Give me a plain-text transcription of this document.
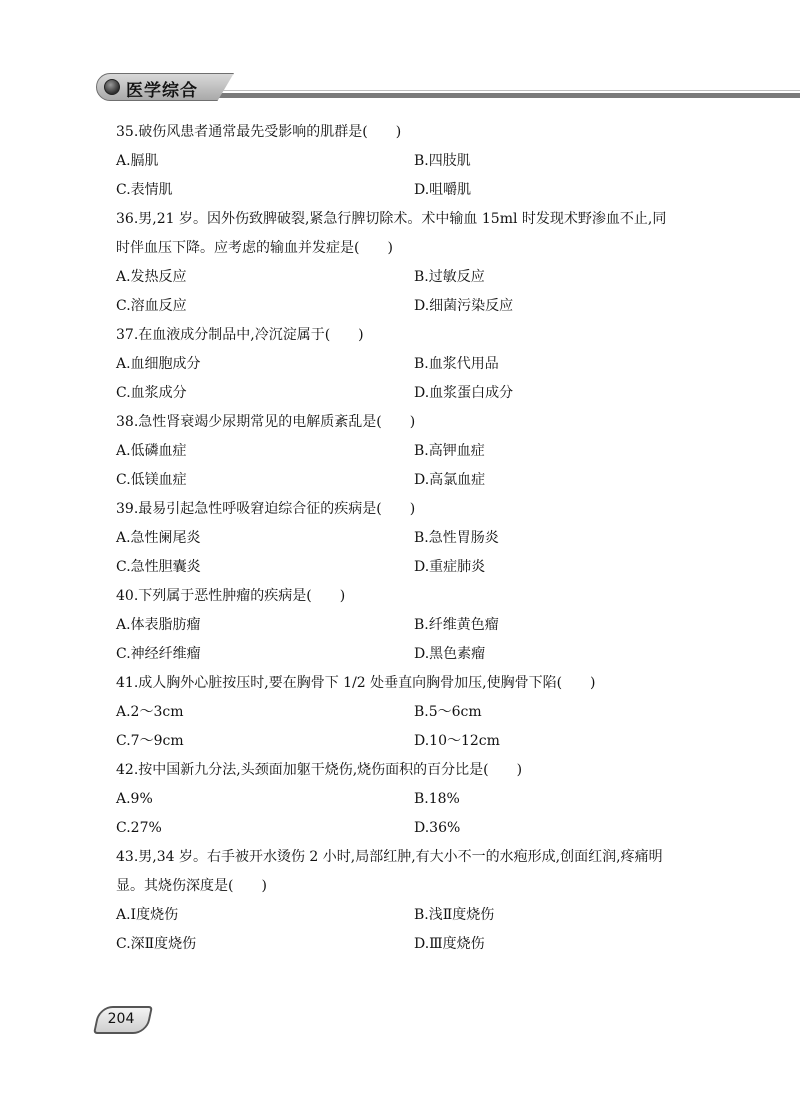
医学综合
35.破伤风患者通常最先受影响的肌群是(　　)
A.膈肌	B.四肢肌
C.表情肌	D.咀嚼肌
36.男,21 岁。因外伤致脾破裂,紧急行脾切除术。术中输血 15ml 时发现术野渗血不止,同
时伴血压下降。应考虑的输血并发症是(　　)
A.发热反应	B.过敏反应
C.溶血反应	D.细菌污染反应
37.在血液成分制品中,冷沉淀属于(　　)
A.血细胞成分	B.血浆代用品
C.血浆成分	D.血浆蛋白成分
38.急性肾衰竭少尿期常见的电解质紊乱是(　　)
A.低磷血症	B.高钾血症
C.低镁血症	D.高氯血症
39.最易引起急性呼吸窘迫综合征的疾病是(　　)
A.急性阑尾炎	B.急性胃肠炎
C.急性胆囊炎	D.重症肺炎
40.下列属于恶性肿瘤的疾病是(　　)
A.体表脂肪瘤	B.纤维黄色瘤
C.神经纤维瘤	D.黑色素瘤
41.成人胸外心脏按压时,要在胸骨下 1/2 处垂直向胸骨加压,使胸骨下陷(　　)
A.2～3cm	B.5～6cm
C.7～9cm	D.10～12cm
42.按中国新九分法,头颈面加躯干烧伤,烧伤面积的百分比是(　　)
A.9%	B.18%
C.27%	D.36%
43.男,34 岁。右手被开水烫伤 2 小时,局部红肿,有大小不一的水疱形成,创面红润,疼痛明
显。其烧伤深度是(　　)
A.Ⅰ度烧伤	B.浅Ⅱ度烧伤
C.深Ⅱ度烧伤	D.Ⅲ度烧伤
204
